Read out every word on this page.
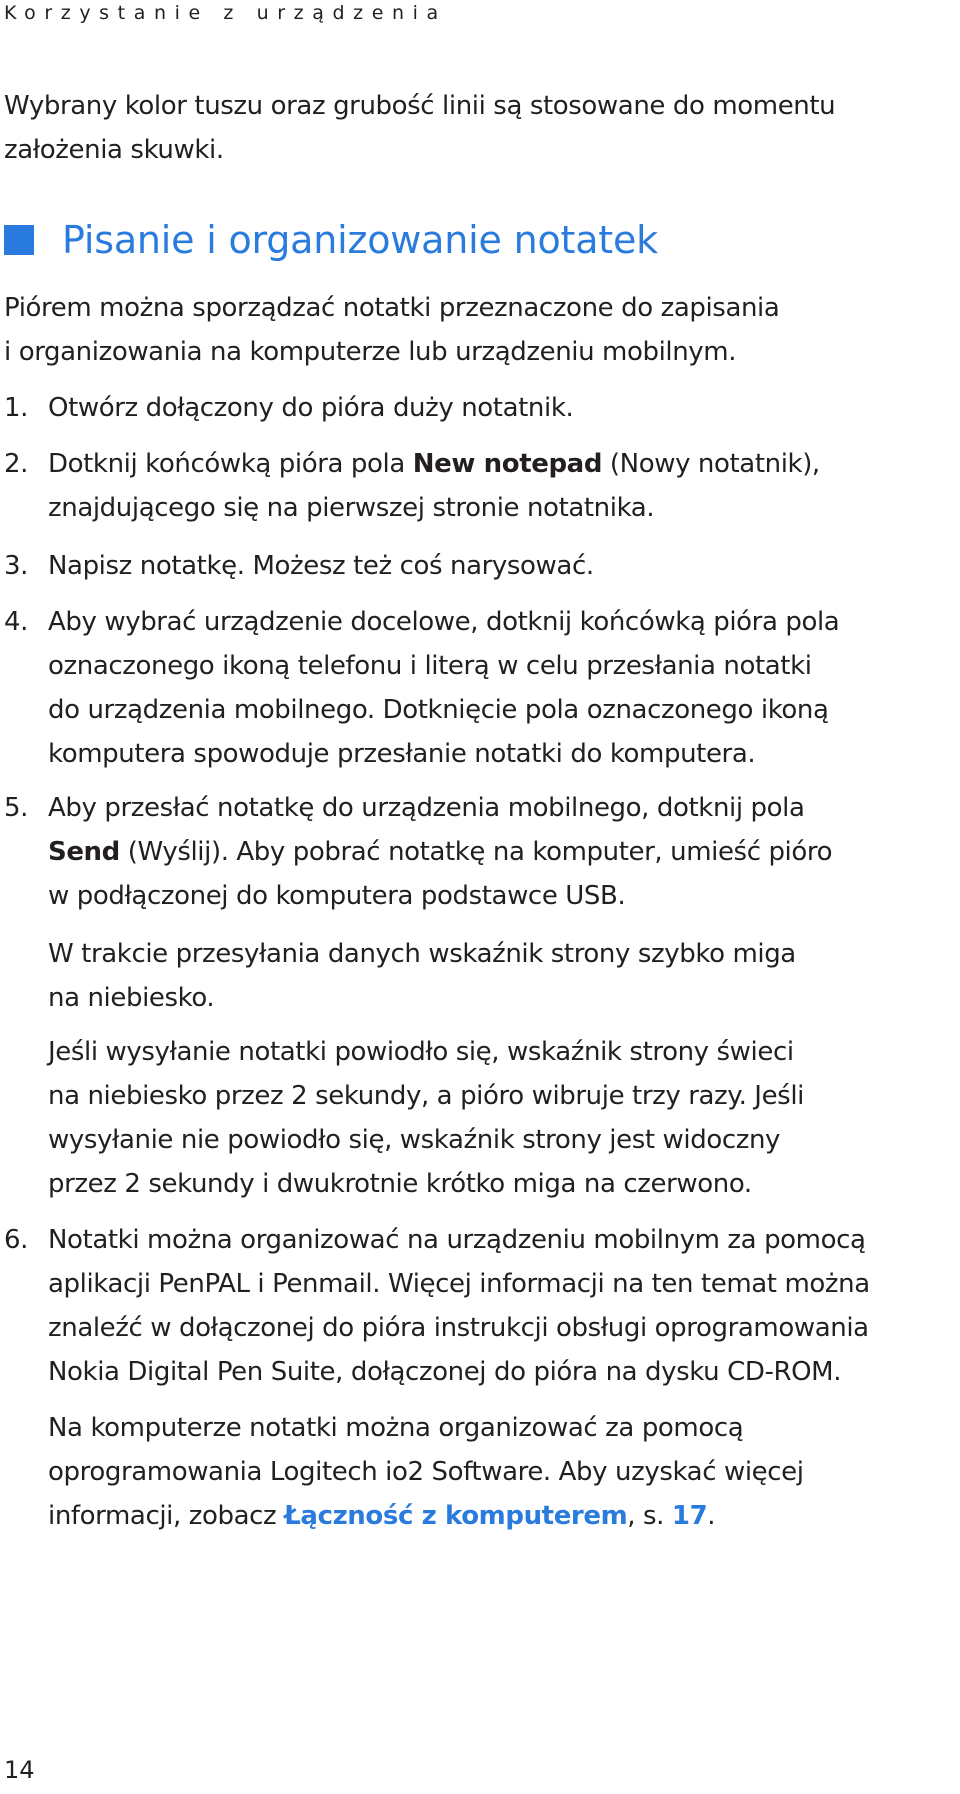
Korzystanie z urządzenia
Wybrany kolor tuszu oraz grubość linii są stosowane do momentu
założenia skuwki.
Pisanie i organizowanie notatek
Piórem można sporządzać notatki przeznaczone do zapisania
i organizowania na komputerze lub urządzeniu mobilnym.
1. Otwórz dołączony do pióra duży notatnik.
2. Dotknij końcówką pióra pola New notepad (Nowy notatnik),
znajdującego się na pierwszej stronie notatnika.
3. Napisz notatkę. Możesz też coś narysować.
4. Aby wybrać urządzenie docelowe, dotknij końcówką pióra pola
oznaczonego ikoną telefonu i literą w celu przesłania notatki
do urządzenia mobilnego. Dotknięcie pola oznaczonego ikoną
komputera spowoduje przesłanie notatki do komputera.
5. Aby przesłać notatkę do urządzenia mobilnego, dotknij pola
Send (Wyślij). Aby pobrać notatkę na komputer, umieść pióro
w podłączonej do komputera podstawce USB.
W trakcie przesyłania danych wskaźnik strony szybko miga
na niebiesko.
Jeśli wysyłanie notatki powiodło się, wskaźnik strony świeci
na niebiesko przez 2 sekundy, a pióro wibruje trzy razy. Jeśli
wysyłanie nie powiodło się, wskaźnik strony jest widoczny
przez 2 sekundy i dwukrotnie krótko miga na czerwono.
6. Notatki można organizować na urządzeniu mobilnym za pomocą
aplikacji PenPAL i Penmail. Więcej informacji na ten temat można
znaleźć w dołączonej do pióra instrukcji obsługi oprogramowania
Nokia Digital Pen Suite, dołączonej do pióra na dysku CD-ROM.
Na komputerze notatki można organizować za pomocą
oprogramowania Logitech io2 Software. Aby uzyskać więcej
informacji, zobacz Łączność z komputerem, s. 17.
14
